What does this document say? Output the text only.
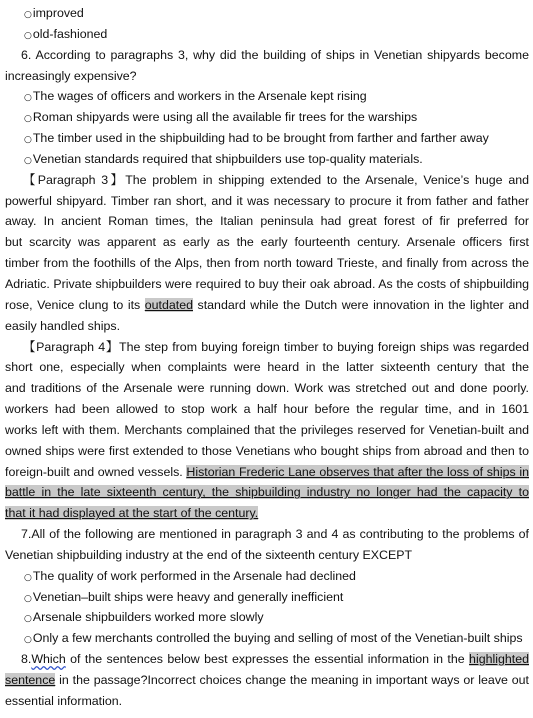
○improved
○old-fashioned
6. According to paragraphs 3, why did the building of ships in Venetian shipyards become
increasingly expensive?
○The wages of officers and workers in the Arsenale kept rising
○Roman shipyards were using all the available fir trees for the warships
○The timber used in the shipbuilding had to be brought from farther and farther away
○Venetian standards required that shipbuilders use top-quality materials.
【Paragraph 3】The problem in shipping extended to the Arsenale, Venice’s huge and
powerful shipyard. Timber ran short, and it was necessary to procure it from father and father
away. In ancient Roman times, the Italian peninsula had great forest of fir preferred for
but scarcity was apparent as early as the early fourteenth century. Arsenale officers first
timber from the foothills of the Alps, then from north toward Trieste, and finally from across the
Adriatic. Private shipbuilders were required to buy their oak abroad. As the costs of shipbuilding
rose, Venice clung to its outdated standard while the Dutch were innovation in the lighter and
easily handled ships.
【Paragraph 4】The step from buying foreign timber to buying foreign ships was regarded
short one, especially when complaints were heard in the latter sixteenth century that the
and traditions of the Arsenale were running down. Work was stretched out and done poorly.
workers had been allowed to stop work a half hour before the regular time, and in 1601
works left with them. Merchants complained that the privileges reserved for Venetian-built and
owned ships were first extended to those Venetians who bought ships from abroad and then to
foreign-built and owned vessels. Historian Frederic Lane observes that after the loss of ships in
battle in the late sixteenth century, the shipbuilding industry no longer had the capacity to
that it had displayed at the start of the century.
7.All of the following are mentioned in paragraph 3 and 4 as contributing to the problems of
Venetian shipbuilding industry at the end of the sixteenth century EXCEPT
○The quality of work performed in the Arsenale had declined
○Venetian–built ships were heavy and generally inefficient
○Arsenale shipbuilders worked more slowly
○Only a few merchants controlled the buying and selling of most of the Venetian-built ships
8.Which of the sentences below best expresses the essential information in the highlighted
sentence in the passage?Incorrect choices change the meaning in important ways or leave out
essential information.
